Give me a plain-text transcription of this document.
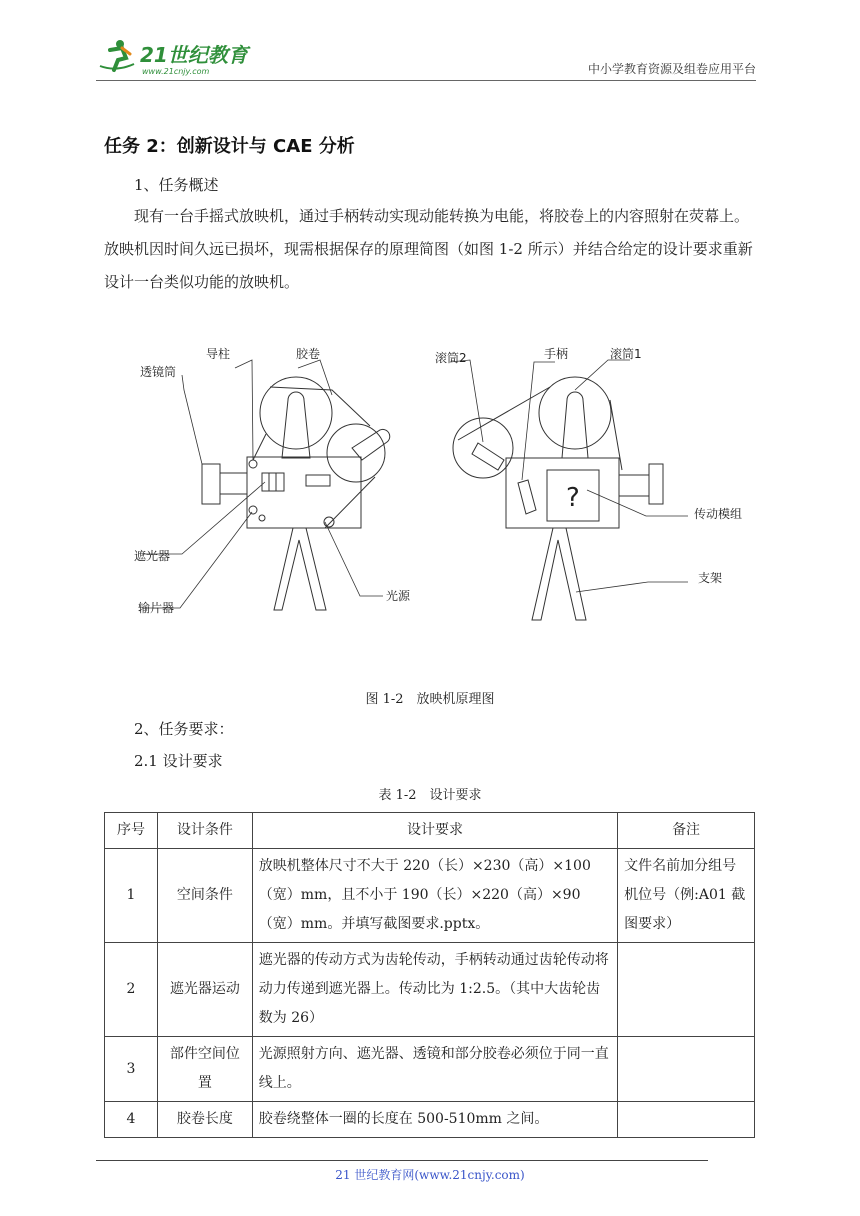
21世纪教育
www.21cnjy.com	中小学教育资源及组卷应用平台
任务 2：创新设计与 CAE 分析
1、任务概述
现有一台手摇式放映机，通过手柄转动实现动能转换为电能，将胶卷上的内容照射在荧幕上。放映机因时间久远已损坏，现需根据保存的原理简图（如图 1-2 所示）并结合给定的设计要求重新设计一台类似功能的放映机。
?
透镜筒
导柱	胶卷
遮光器
输片器
光源
滚筒2	手柄	滚筒1
传动模组
支架
图 1-2　放映机原理图
2、任务要求：
2.1 设计要求
表 1-2　设计要求
序号	设计条件	设计要求	备注
1	空间条件	放映机整体尺寸不大于 220（长）×230（高）×100（宽）mm，且不小于 190（长）×220（高）×90（宽）mm。并填写截图要求.pptx。	文件名前加分组号机位号（例:A01 截图要求）
2	遮光器运动	遮光器的传动方式为齿轮传动，手柄转动通过齿轮传动将动力传递到遮光器上。传动比为 1:2.5。（其中大齿轮齿数为 26）	
3	部件空间位置	光源照射方向、遮光器、透镜和部分胶卷必须位于同一直线上。	
4	胶卷长度	胶卷绕整体一圈的长度在 500-510mm 之间。	
21 世纪教育网(www.21cnjy.com)
